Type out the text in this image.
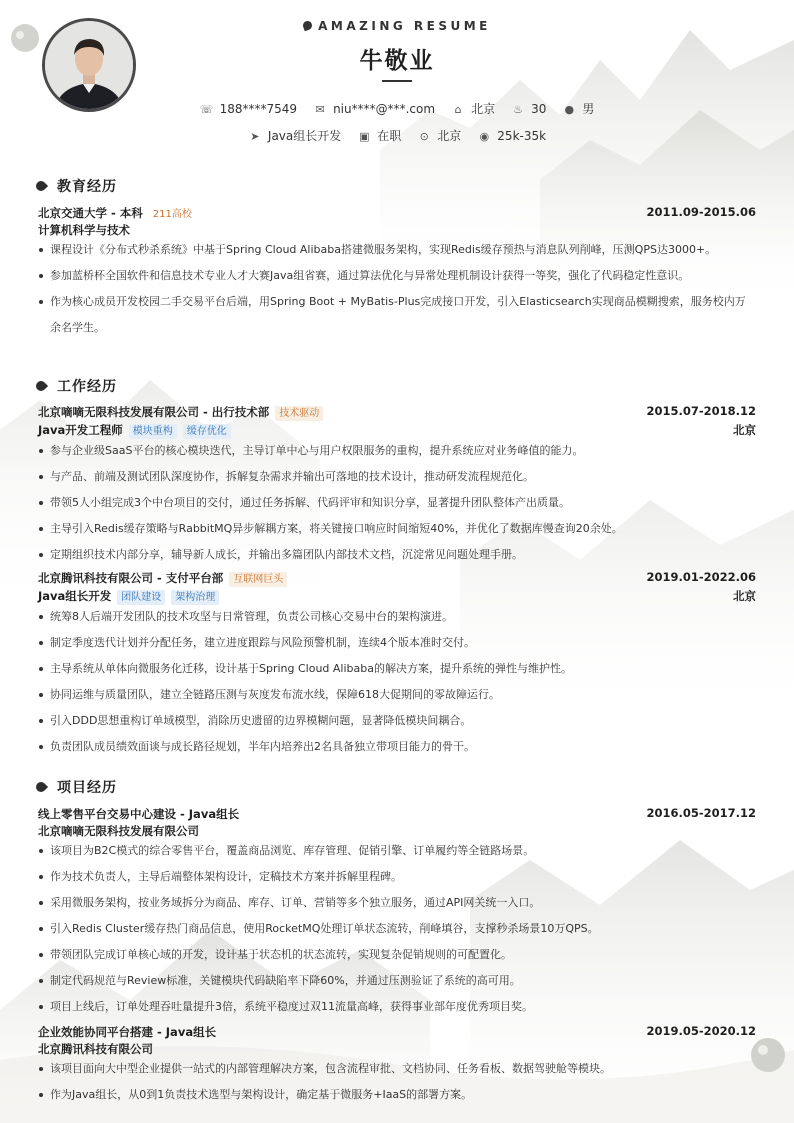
AMAZING RESUME
牛敬业
☏ 188****7549 ✉ niu****@***.com ⌂ 北京 ♨ 30 ● 男
➤ Java组长开发 ▣ 在职 ⊙ 北京 ◉ 25k-35k
教育经历
北京交通大学 - 本科 211高校	2011.09-2015.06
计算机科学与技术
课程设计《分布式秒杀系统》中基于Spring Cloud Alibaba搭建微服务架构，实现Redis缓存预热与消息队列削峰，压测QPS达3000+。
参加蓝桥杯全国软件和信息技术专业人才大赛Java组省赛，通过算法优化与异常处理机制设计获得一等奖，强化了代码稳定性意识。
作为核心成员开发校园二手交易平台后端，用Spring Boot + MyBatis-Plus完成接口开发，引入Elasticsearch实现商品模糊搜索，服务校内万余名学生。
工作经历
北京嘀嘀无限科技发展有限公司 - 出行技术部 技术驱动	2015.07-2018.12
Java开发工程师 模块重构 缓存优化	北京
参与企业级SaaS平台的核心模块迭代，主导订单中心与用户权限服务的重构，提升系统应对业务峰值的能力。
与产品、前端及测试团队深度协作，拆解复杂需求并输出可落地的技术设计，推动研发流程规范化。
带领5人小组完成3个中台项目的交付，通过任务拆解、代码评审和知识分享，显著提升团队整体产出质量。
主导引入Redis缓存策略与RabbitMQ异步解耦方案，将关键接口响应时间缩短40%，并优化了数据库慢查询20余处。
定期组织技术内部分享，辅导新人成长，并输出多篇团队内部技术文档，沉淀常见问题处理手册。
北京腾讯科技有限公司 - 支付平台部 互联网巨头	2019.01-2022.06
Java组长开发 团队建设 架构治理	北京
统筹8人后端开发团队的技术攻坚与日常管理，负责公司核心交易中台的架构演进。
制定季度迭代计划并分配任务，建立进度跟踪与风险预警机制，连续4个版本准时交付。
主导系统从单体向微服务化迁移，设计基于Spring Cloud Alibaba的解决方案，提升系统的弹性与维护性。
协同运维与质量团队，建立全链路压测与灰度发布流水线，保障618大促期间的零故障运行。
引入DDD思想重构订单域模型，消除历史遗留的边界模糊问题，显著降低模块间耦合。
负责团队成员绩效面谈与成长路径规划，半年内培养出2名具备独立带项目能力的骨干。
项目经历
线上零售平台交易中心建设 - Java组长	2016.05-2017.12
北京嘀嘀无限科技发展有限公司
该项目为B2C模式的综合零售平台，覆盖商品浏览、库存管理、促销引擎、订单履约等全链路场景。
作为技术负责人，主导后端整体架构设计，定稿技术方案并拆解里程碑。
采用微服务架构，按业务域拆分为商品、库存、订单、营销等多个独立服务，通过API网关统一入口。
引入Redis Cluster缓存热门商品信息，使用RocketMQ处理订单状态流转，削峰填谷，支撑秒杀场景10万QPS。
带领团队完成订单核心域的开发，设计基于状态机的状态流转，实现复杂促销规则的可配置化。
制定代码规范与Review标准，关键模块代码缺陷率下降60%，并通过压测验证了系统的高可用。
项目上线后，订单处理吞吐量提升3倍，系统平稳度过双11流量高峰，获得事业部年度优秀项目奖。
企业效能协同平台搭建 - Java组长	2019.05-2020.12
北京腾讯科技有限公司
该项目面向大中型企业提供一站式的内部管理解决方案，包含流程审批、文档协同、任务看板、数据驾驶舱等模块。
作为Java组长，从0到1负责技术选型与架构设计，确定基于微服务+IaaS的部署方案。
